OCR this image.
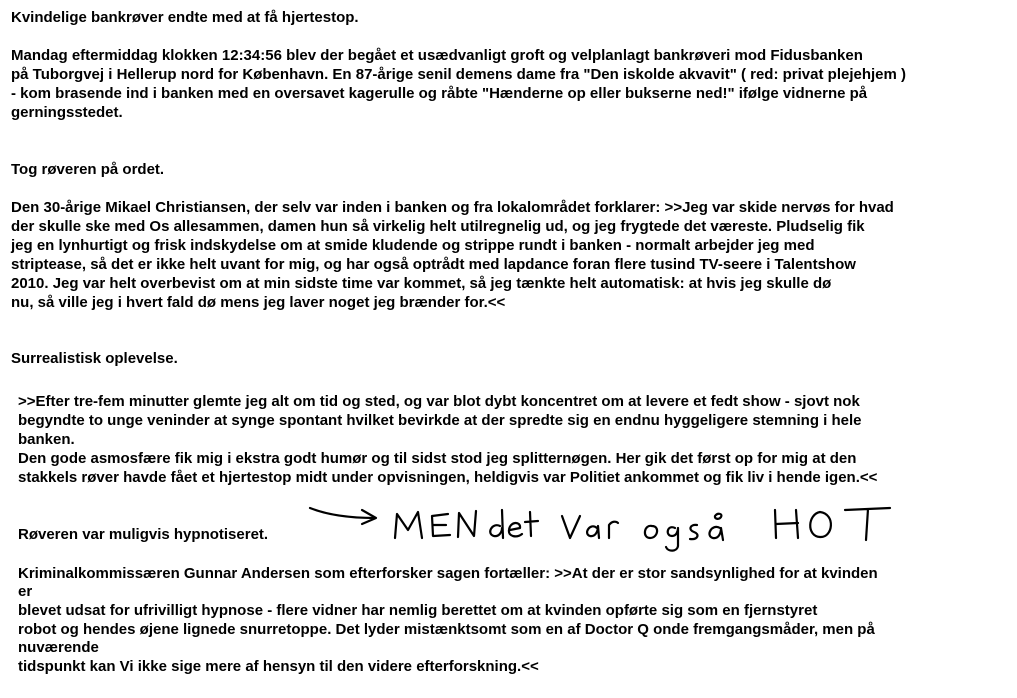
Kvindelige bankrøver endte med at få hjertestop.
Mandag eftermiddag klokken 12:34:56 blev der begået et usædvanligt groft og velplanlagt bankrøveri mod Fidusbanken
på Tuborgvej i Hellerup nord for København. En 87-årige senil demens dame fra "Den iskolde akvavit" ( red: privat plejehjem )
- kom brasende ind i banken med en oversavet kagerulle og råbte "Hænderne op eller bukserne ned!" ifølge vidnerne på
gerningsstedet.
Tog røveren på ordet.
Den 30-årige Mikael Christiansen, der selv var inden i banken og fra lokalområdet forklarer: >>Jeg var skide nervøs for hvad
der skulle ske med Os allesammen, damen hun så virkelig helt utilregnelig ud, og jeg frygtede det væreste. Pludselig fik
jeg en lynhurtigt og frisk indskydelse om at smide kludende og strippe rundt i banken - normalt arbejder jeg med
striptease, så det er ikke helt uvant for mig, og har også optrådt med lapdance foran flere tusind TV-seere i Talentshow
2010. Jeg var helt overbevist om at min sidste time var kommet, så jeg tænkte helt automatisk: at hvis jeg skulle dø
nu, så ville jeg i hvert fald dø mens jeg laver noget jeg brænder for.<<
Surrealistisk oplevelse.
>>Efter tre-fem minutter glemte jeg alt om tid og sted, og var blot dybt koncentret om at levere et fedt show - sjovt nok
begyndte to unge veninder at synge spontant hvilket bevirkde at der spredte sig en endnu hyggeligere stemning i hele
banken.
Den gode asmosfære fik mig i ekstra godt humør og til sidst stod jeg splitternøgen. Her gik det først op for mig at den
stakkels røver havde fået et hjertestop midt under opvisningen, heldigvis var Politiet ankommet og fik liv i hende igen.<<
Røveren var muligvis hypnotiseret.
Kriminalkommissæren Gunnar Andersen som efterforsker sagen fortæller: >>At der er stor sandsynlighed for at kvinden
er
blevet udsat for ufrivilligt hypnose - flere vidner har nemlig berettet om at kvinden opførte sig som en fjernstyret
robot og hendes øjene lignede snurretoppe. Det lyder mistænktsomt som en af Doctor Q onde fremgangsmåder, men på
nuværende
tidspunkt kan Vi ikke sige mere af hensyn til den videre efterforskning.<<
